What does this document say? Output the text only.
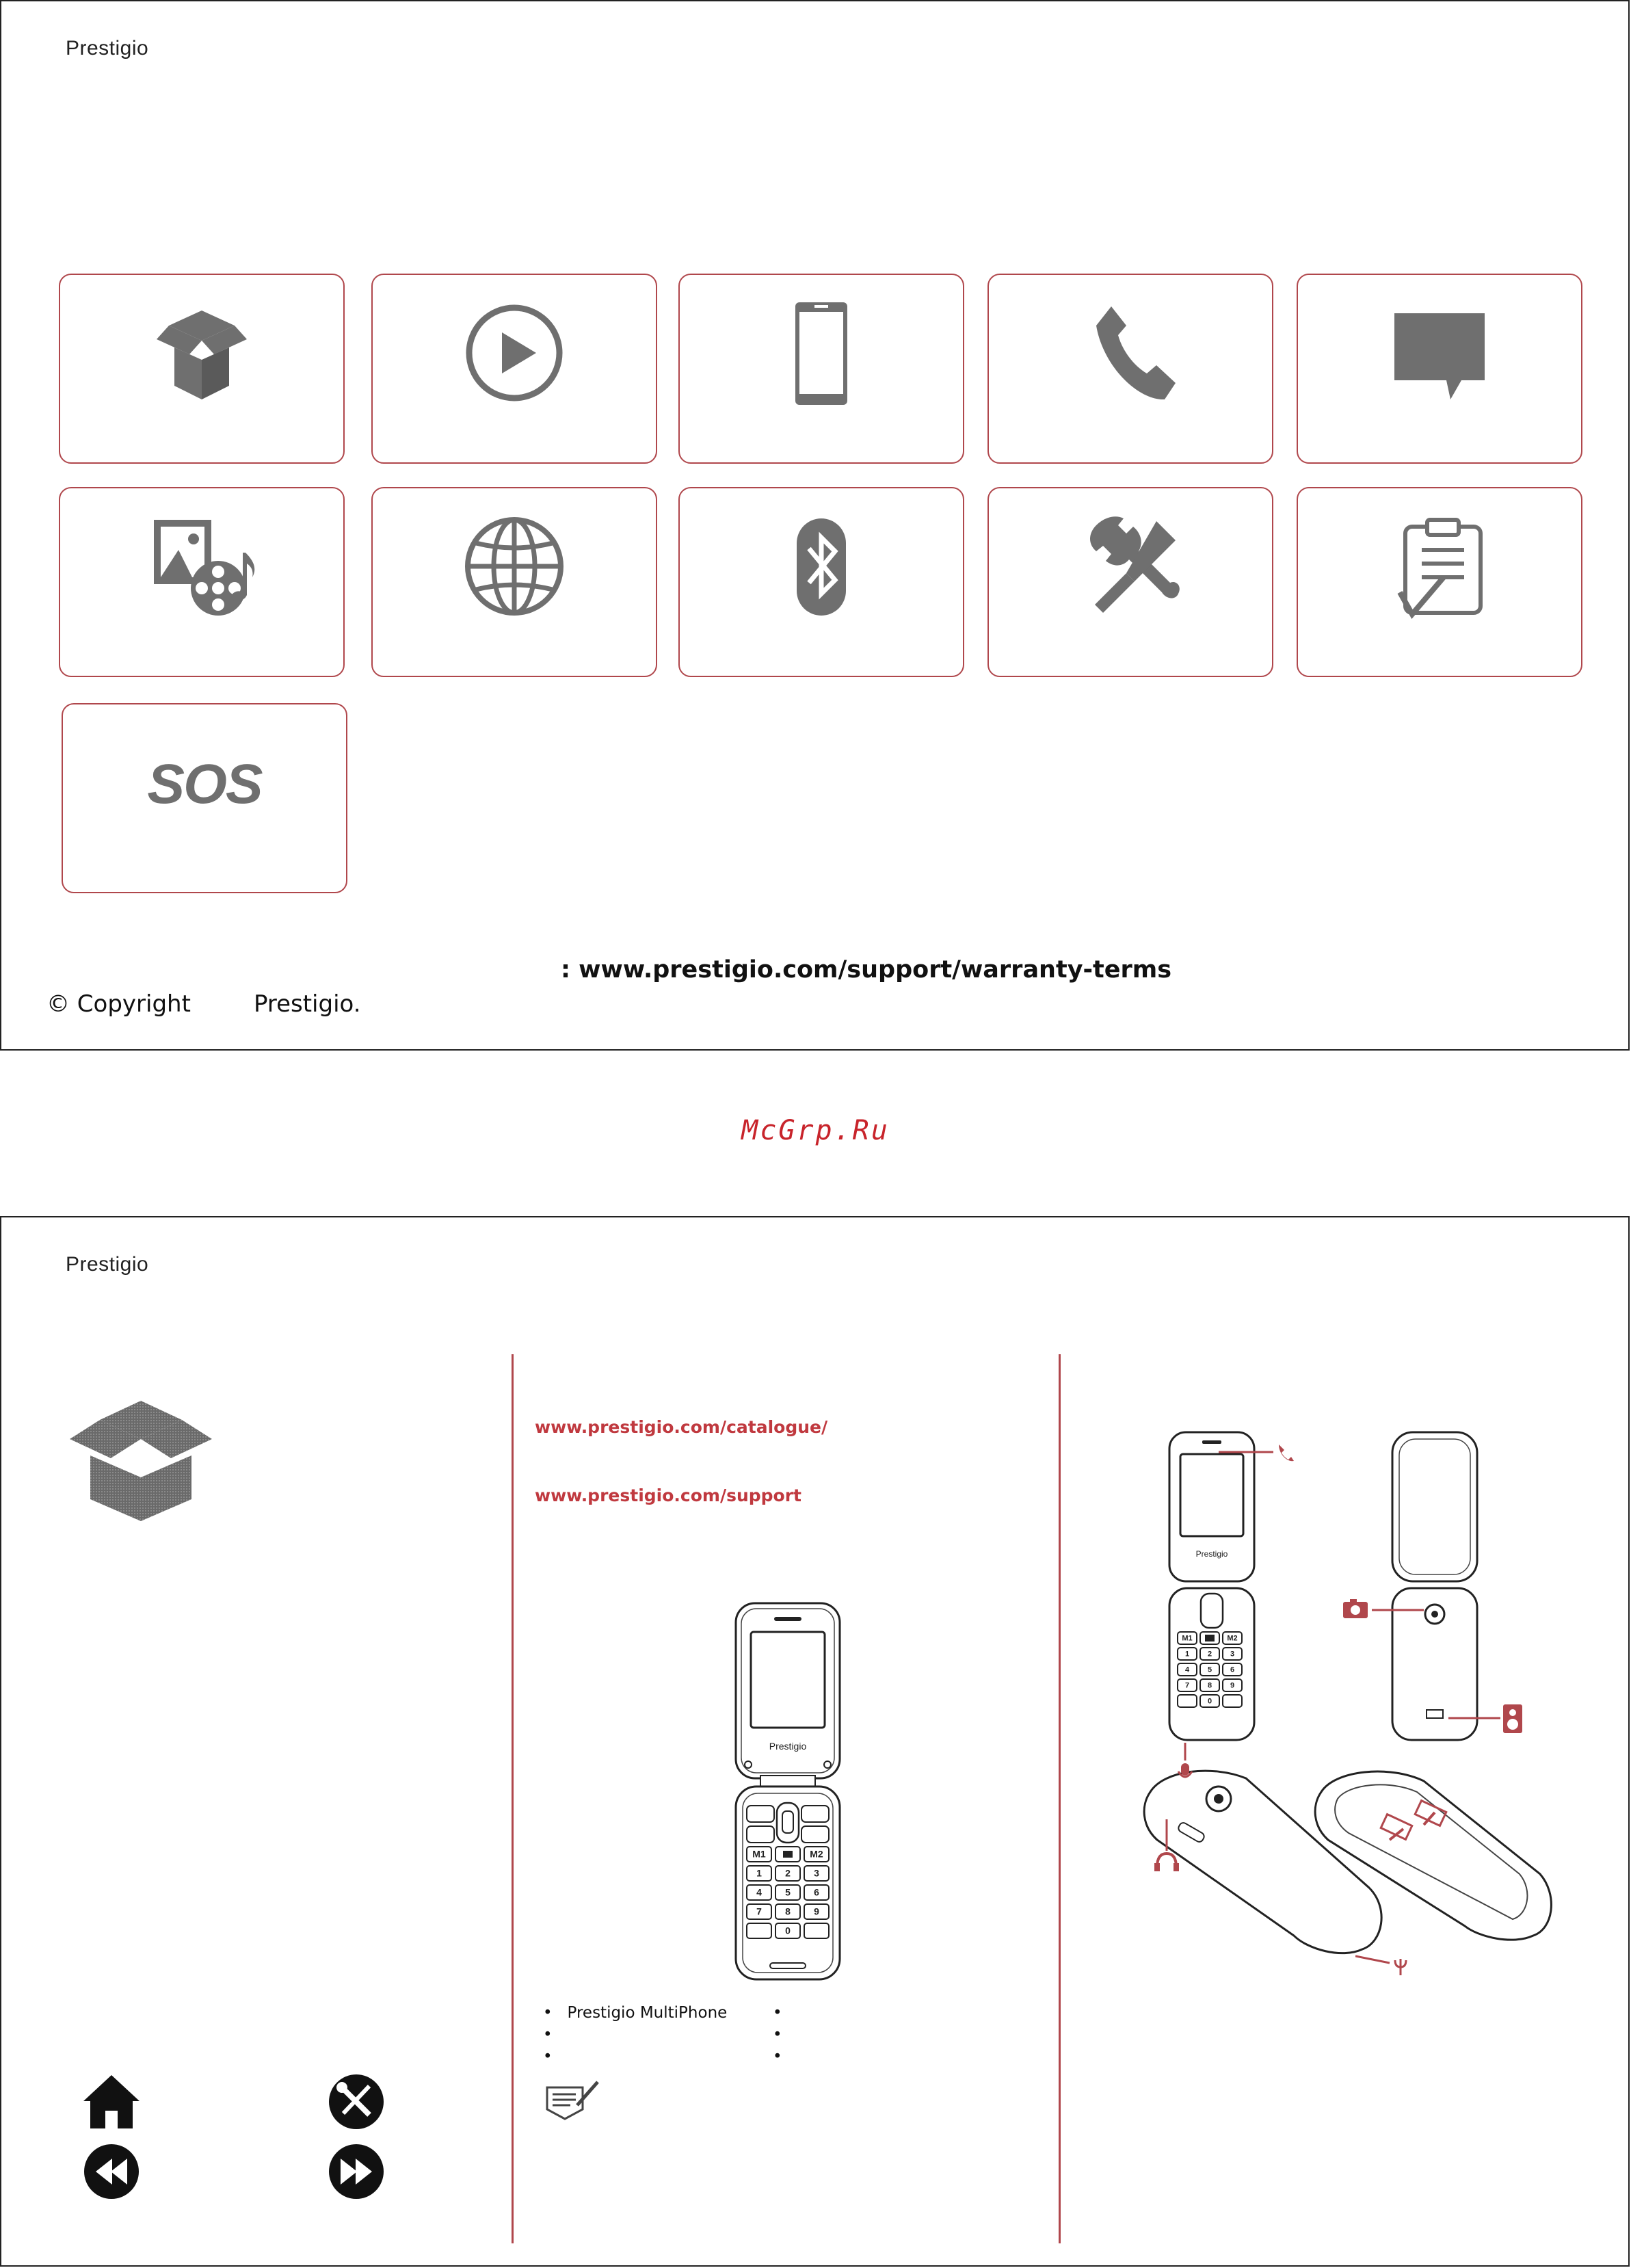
Prestigio
SOS
: www.prestigio.com/support/warranty-terms
© Copyright	Prestigio.
McGrp.Ru
Prestigio
www.prestigio.com/catalogue/
www.prestigio.com/support
Prestigio
M1	M2
1 2 3
4 5 6
7 8 9
0
•   Prestigio MultiPhone
•
•
•
•
•
Prestigio
M1	M2
1 2 3
4 5 6
7 8 9
0
